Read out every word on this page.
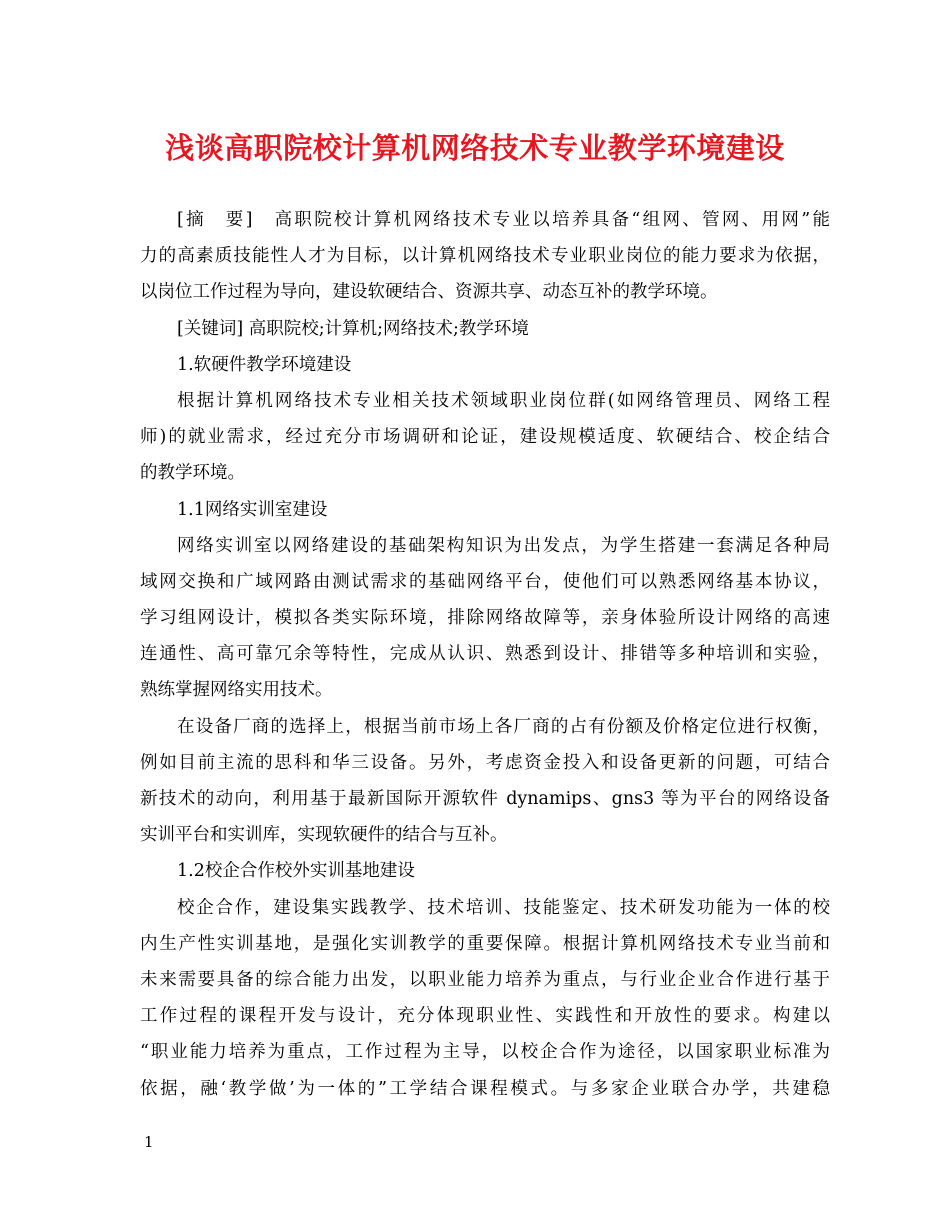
浅谈高职院校计算机网络技术专业教学环境建设
[摘　要]　高职院校计算机网络技术专业以培养具备“组网、管网、用网”能
力的高素质技能性人才为目标，以计算机网络技术专业职业岗位的能力要求为依据，
以岗位工作过程为导向，建设软硬结合、资源共享、动态互补的教学环境。
[关键词] 高职院校;计算机;网络技术;教学环境
1.软硬件教学环境建设
根据计算机网络技术专业相关技术领域职业岗位群(如网络管理员、网络工程
师)的就业需求，经过充分市场调研和论证，建设规模适度、软硬结合、校企结合
的教学环境。
1.1网络实训室建设
网络实训室以网络建设的基础架构知识为出发点，为学生搭建一套满足各种局
域网交换和广域网路由测试需求的基础网络平台，使他们可以熟悉网络基本协议，
学习组网设计，模拟各类实际环境，排除网络故障等，亲身体验所设计网络的高速
连通性、高可靠冗余等特性，完成从认识、熟悉到设计、排错等多种培训和实验，
熟练掌握网络实用技术。
在设备厂商的选择上，根据当前市场上各厂商的占有份额及价格定位进行权衡，
例如目前主流的思科和华三设备。另外，考虑资金投入和设备更新的问题，可结合
新技术的动向，利用基于最新国际开源软件 dynamips、gns3 等为平台的网络设备
实训平台和实训库，实现软硬件的结合与互补。
1.2校企合作校外实训基地建设
校企合作，建设集实践教学、技术培训、技能鉴定、技术研发功能为一体的校
内生产性实训基地，是强化实训教学的重要保障。根据计算机网络技术专业当前和
未来需要具备的综合能力出发，以职业能力培养为重点，与行业企业合作进行基于
工作过程的课程开发与设计，充分体现职业性、实践性和开放性的要求。构建以
“职业能力培养为重点，工作过程为主导，以校企合作为途径，以国家职业标准为
依据，融‘教学做’为一体的”工学结合课程模式。与多家企业联合办学，共建稳
1
